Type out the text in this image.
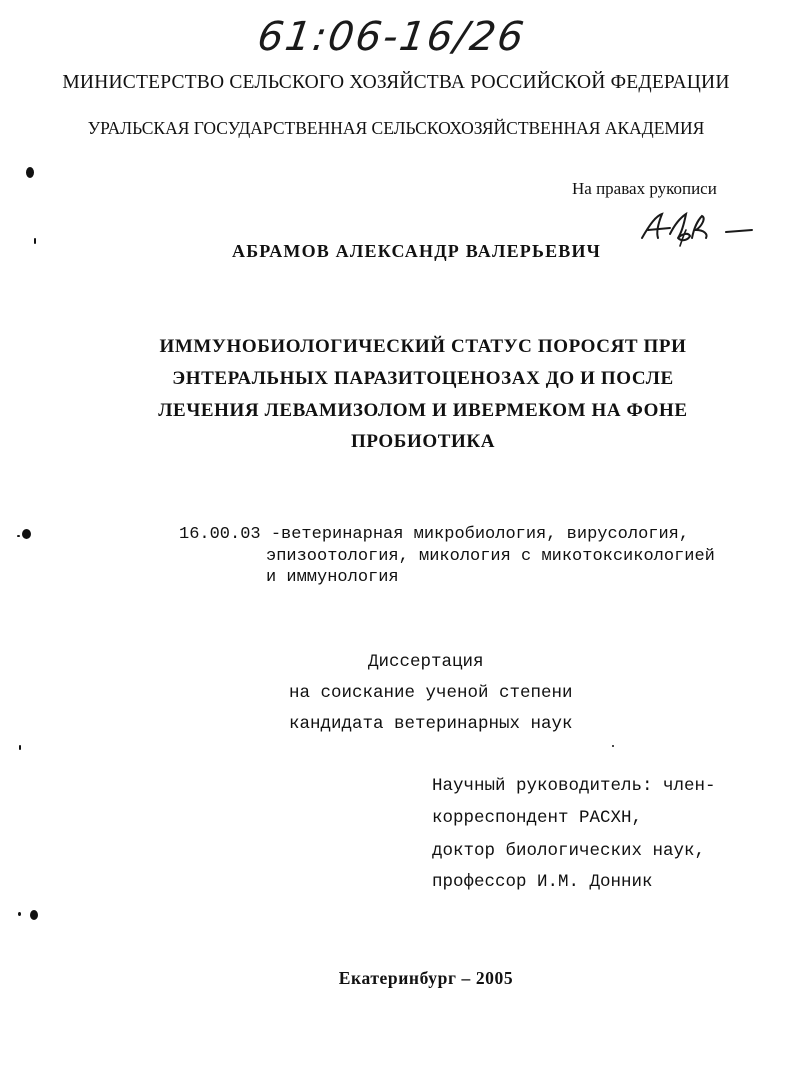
61:06-16/26
МИНИСТЕРСТВО СЕЛЬСКОГО ХОЗЯЙСТВА РОССИЙСКОЙ ФЕДЕРАЦИИ
УРАЛЬСКАЯ ГОСУДАРСТВЕННАЯ СЕЛЬСКОХОЗЯЙСТВЕННАЯ АКАДЕМИЯ
На правах рукописи
АБРАМОВ АЛЕКСАНДР ВАЛЕРЬЕВИЧ
ИММУНОБИОЛОГИЧЕСКИЙ СТАТУС ПОРОСЯТ ПРИ
ЭНТЕРАЛЬНЫХ ПАРАЗИТОЦЕНОЗАХ ДО И ПОСЛЕ
ЛЕЧЕНИЯ ЛЕВАМИЗОЛОМ И ИВЕРМЕКОМ НА ФОНЕ
ПРОБИОТИКА
16.00.03 -ветеринарная микробиология, вирусология,
эпизоотология, микология с микотоксикологией
и иммунология
Диссертация
на соискание ученой степени
кандидата ветеринарных наук
Научный руководитель: член-
корреспондент РАСХН,
доктор биологических наук,
профессор И.М. Донник
Екатеринбург – 2005
